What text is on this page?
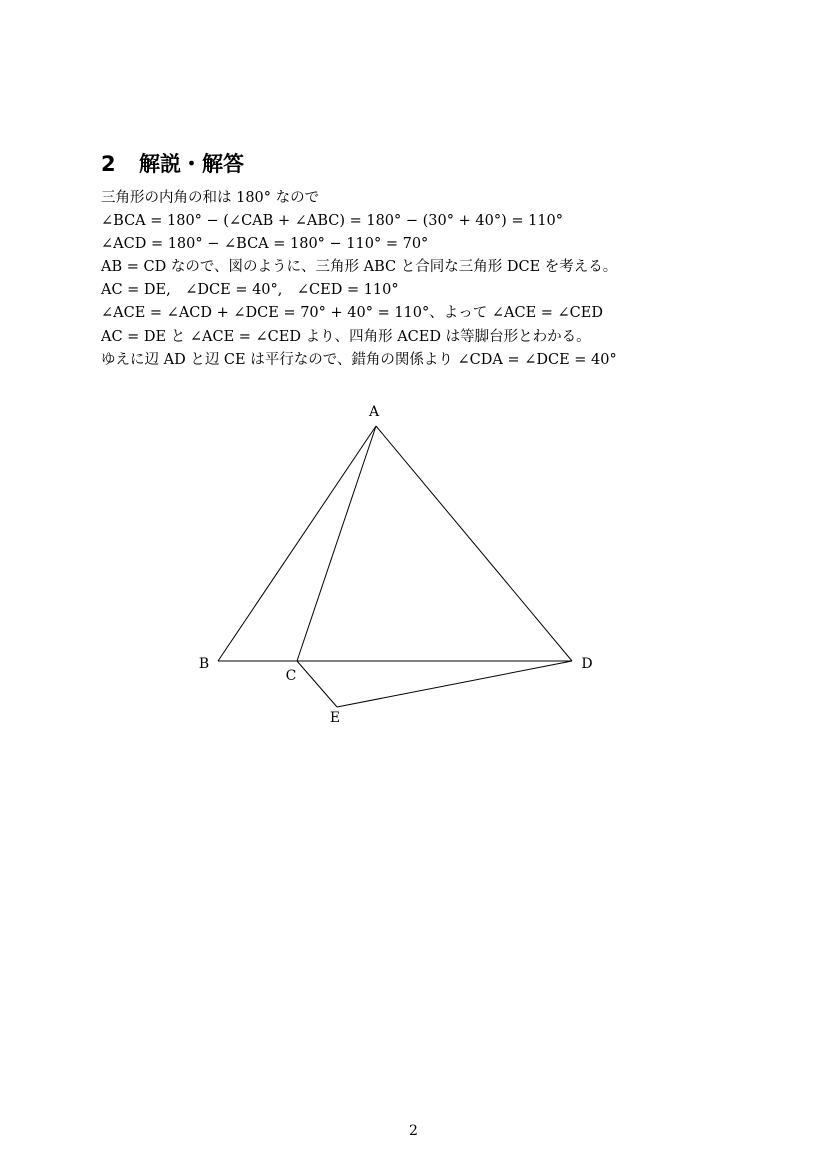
2 解説・解答
三角形の内角の和は 180° なので
∠BCA = 180° − (∠CAB + ∠ABC) = 180° − (30° + 40°) = 110°
∠ACD = 180° − ∠BCA = 180° − 110° = 70°
AB = CD なので、図のように、三角形 ABC と合同な三角形 DCE を考える。
AC = DE,　∠DCE = 40°,　∠CED = 110°
∠ACE = ∠ACD + ∠DCE = 70° + 40° = 110°、よって ∠ACE = ∠CED
AC = DE と ∠ACE = ∠CED より、四角形 ACED は等脚台形とわかる。
ゆえに辺 AD と辺 CE は平行なので、錯角の関係より ∠CDA = ∠DCE = 40°
A
B
C
D
E
2
